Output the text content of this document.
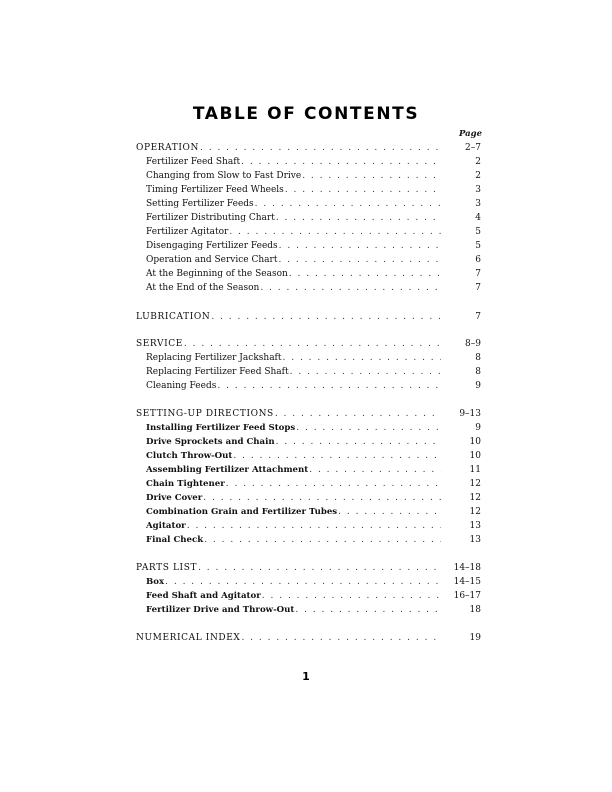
TABLE OF CONTENTS
Page
OPERATION . . .	2–7
Fertilizer Feed Shaft . . .	2
Changing from Slow to Fast Drive . . .	2
Timing Fertilizer Feed Wheels . . .	3
Setting Fertilizer Feeds . . .	3
Fertilizer Distributing Chart . . .	4
Fertilizer Agitator . . .	5
Disengaging Fertilizer Feeds . . .	5
Operation and Service Chart . . .	6
At the Beginning of the Season . . .	7
At the End of the Season . . .	7
LUBRICATION . . .	7
SERVICE . . .	8–9
Replacing Fertilizer Jackshaft . . .	8
Replacing Fertilizer Feed Shaft . . .	8
Cleaning Feeds . . .	9
SETTING-UP DIRECTIONS . . .	9–13
Installing Fertilizer Feed Stops . . .	9
Drive Sprockets and Chain . . .	10
Clutch Throw-Out . . .	10
Assembling Fertilizer Attachment . . .	11
Chain Tightener . . .	12
Drive Cover . . .	12
Combination Grain and Fertilizer Tubes . . .	12
Agitator . . .	13
Final Check . . .	13
PARTS LIST . . .	14–18
Box . . .	14–15
Feed Shaft and Agitator . . .	16–17
Fertilizer Drive and Throw-Out . . .	18
NUMERICAL INDEX . . .	19
1
